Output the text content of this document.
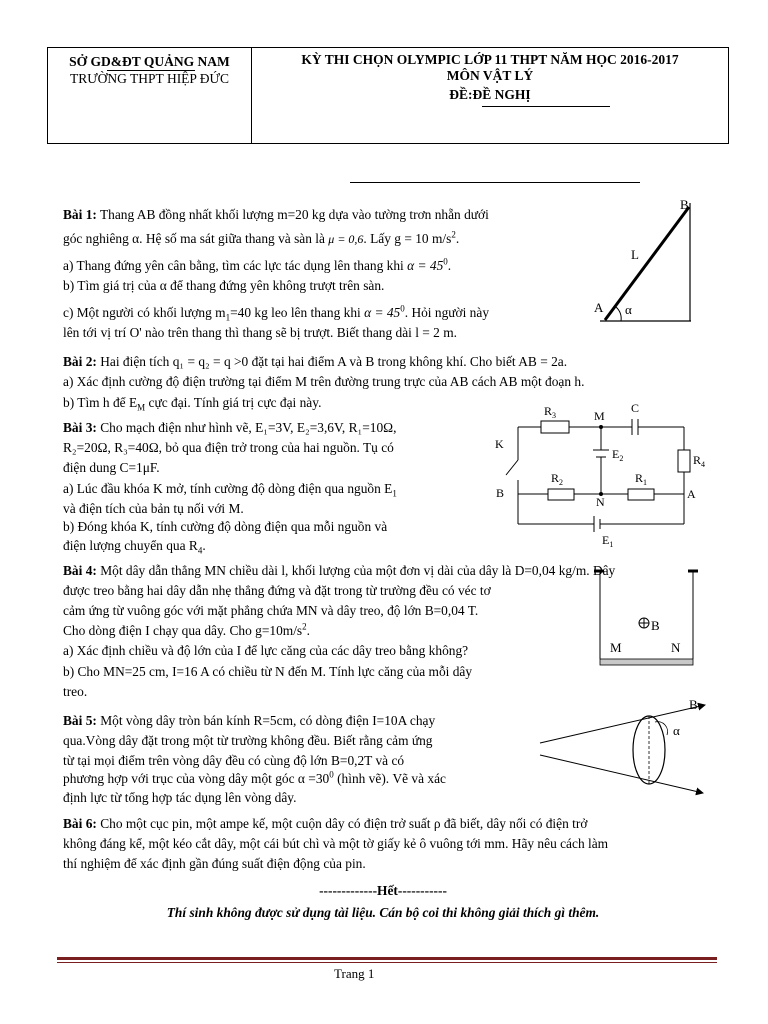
SỞ GD&ĐT QUẢNG NAM
TRƯỜNG THPT HIỆP ĐỨC
KỲ THI CHỌN OLYMPIC LỚP 11 THPT NĂM HỌC 2016-2017
MÔN VẬT LÝ
ĐỀ:ĐỀ NGHỊ

Bài 1: Thang AB đồng nhất khối lượng m=20 kg dựa vào tường trơn nhẵn dưới

góc nghiêng α. Hệ số ma sát giữa thang và sàn là μ = 0,6. Lấy g = 10 $m/s^2$.

a) Thang đứng yên cân bằng, tìm các lực tác dụng lên thang khi $\alpha = 45^0$.

b) Tìm giá trị của α để thang đứng yên không trượt trên sàn.

c) Một người có khối lượng $m_1=40$ kg leo lên thang khi $\alpha = 45^0$. Hỏi người này

lên tới vị trí O' nào trên thang thì thang sẽ bị trượt. Biết thang dài l = 2 m.

B
L
A α

Bài 2: Hai điện tích q₁ = q₂ = q >0 đặt tại hai điểm A và B trong không khí. Cho biết AB = 2a.

a) Xác định cường độ điện trường tại điểm M trên đường trung trực của AB cách AB một đoạn h.

b) Tìm h để $E_M$ cực đại. Tính giá trị cực đại này.

Bài 3: Cho mạch điện như hình vẽ, E₁=3V, E₂=3,6V, R₁=10Ω,

R₂=20Ω, R₃=40Ω, bỏ qua điện trở trong của hai nguồn. Tụ có

điện dung C=1μF.

a) Lúc đầu khóa K mở, tính cường độ dòng điện qua nguồn $E_1$

và điện tích của bản tụ nối với M.

b) Đóng khóa K, tính cường độ dòng điện qua mỗi nguồn và

điện lượng chuyển qua $R_4$.

$R_3$	M
C
K
$E_2$	$R_4$
$R_2$	$R_1$
B
N
A
$E_1$

Bài 4: Một dây dẫn thẳng MN chiều dài l, khối lượng của một đơn vị dài của dây là D=0,04 kg/m. Dây

được treo bằng hai dây dẫn nhẹ thẳng đứng và đặt trong từ trường đều có véc tơ

cảm ứng từ vuông góc với mặt phẳng chứa MN và dây treo, độ lớn B=0,04 T.

Cho dòng điện I chạy qua dây. Cho $g=10m/s^2$.

a) Xác định chiều và độ lớn của I để lực căng của các dây treo bằng không?

b) Cho MN=25 cm, I=16 A có chiều từ N đến M. Tính lực căng của mỗi dây

treo.

B
M	N

Bài 5: Một vòng dây tròn bán kính R=5cm, có dòng điện I=10A chạy

qua.Vòng dây đặt trong một từ trường không đều. Biết rằng cảm ứng

từ tại mọi điểm trên vòng dây đều có cùng độ lớn B=0,2T và có

phương hợp với trục của vòng dây một góc $\alpha =30^0$ (hình vẽ). Vẽ và xác

định lực từ tổng hợp tác dụng lên vòng dây.

B
α

Bài 6: Cho một cục pin, một ampe kế, một cuộn dây có điện trở suất ρ đã biết, dây nối có điện trở

không đáng kể, một kéo cắt dây, một cái bút chì và một tờ giấy kẻ ô vuông tới mm. Hãy nêu cách làm

thí nghiệm để xác định gần đúng suất điện động của pin.

-------------Hết-----------

Thí sinh không được sử dụng tài liệu. Cán bộ coi thi không giải thích gì thêm.

Trang 1
